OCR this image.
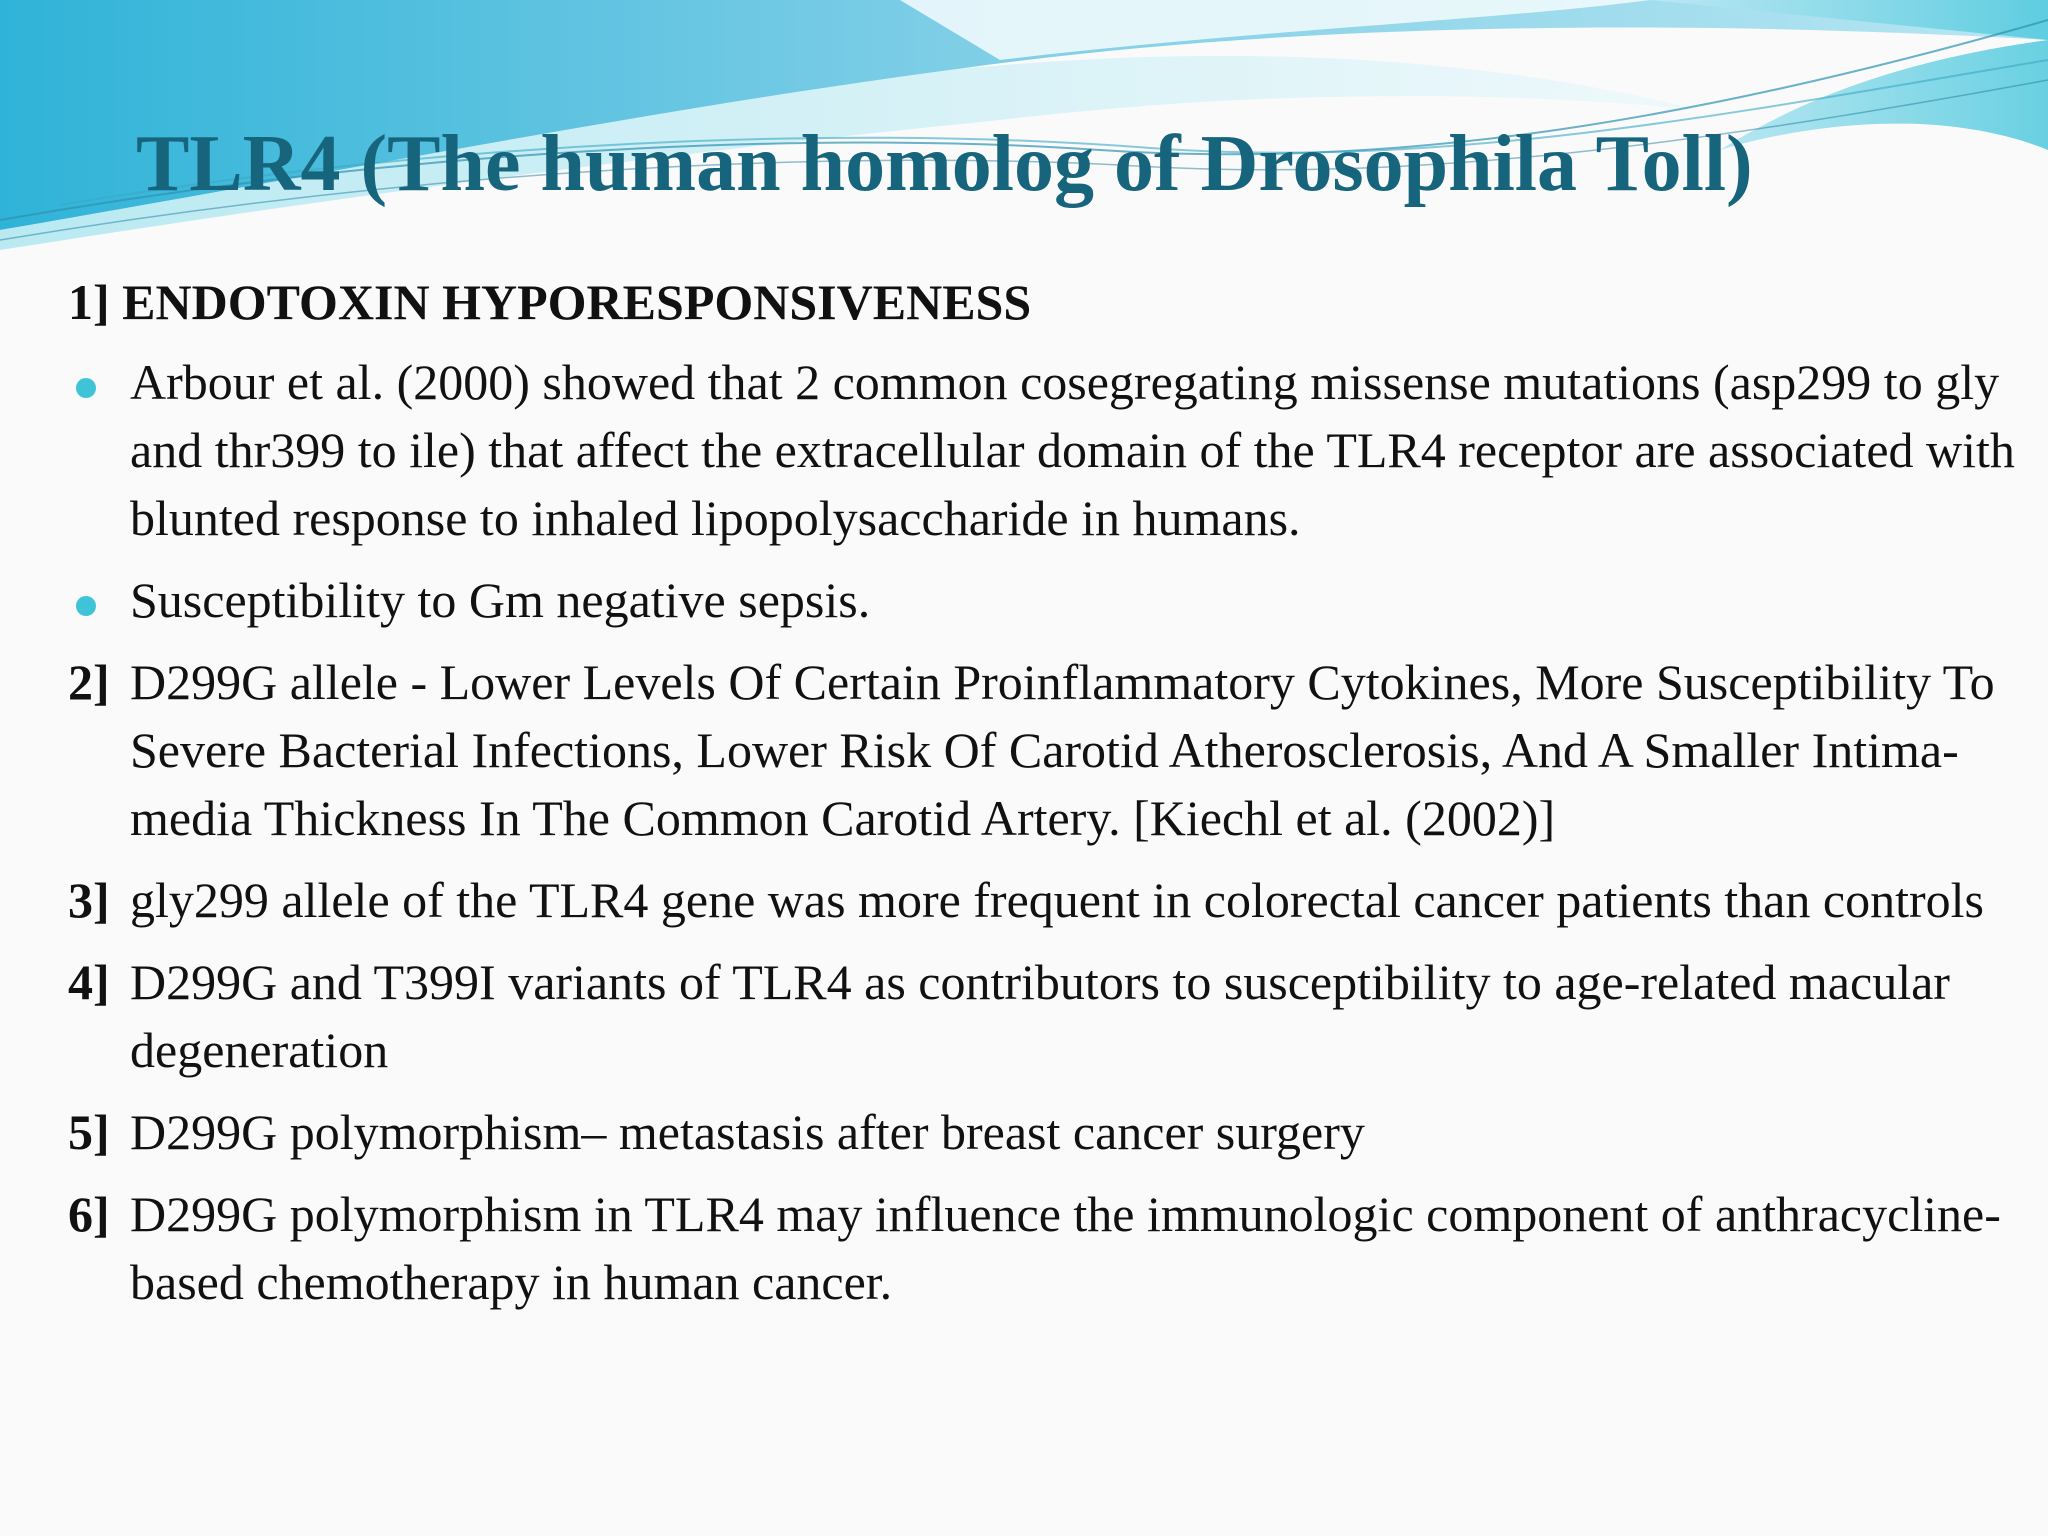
TLR4 (The human homolog of Drosophila Toll)
1] ENDOTOXIN HYPORESPONSIVENESS
Arbour et al. (2000) showed that 2 common cosegregating missense mutations (asp299 to gly and thr399 to ile) that affect the extracellular domain of the TLR4 receptor are associated with blunted response to inhaled lipopolysaccharide in humans.
Susceptibility to Gm negative sepsis.
2] D299G allele - Lower Levels Of Certain Proinflammatory Cytokines, More Susceptibility To Severe Bacterial Infections, Lower Risk Of Carotid Atherosclerosis, And A Smaller Intima-media Thickness In The Common Carotid Artery. [Kiechl et al. (2002)]
3] gly299 allele of the TLR4 gene was more frequent in colorectal cancer patients than controls
4] D299G and T399I variants of TLR4 as contributors to susceptibility to age-related macular degeneration
5] D299G polymorphism– metastasis after breast cancer surgery
6] D299G polymorphism in TLR4 may influence the immunologic component of anthracycline-based chemotherapy in human cancer.
